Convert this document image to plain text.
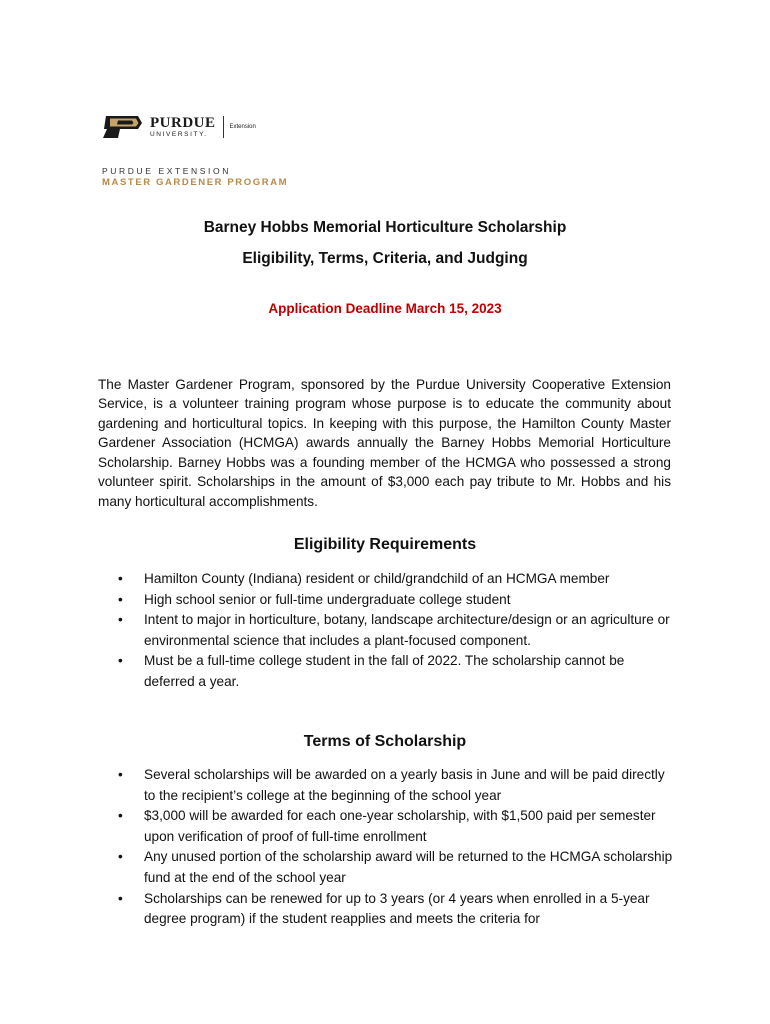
PURDUE
UNIVERSITY.
Extension
PURDUE EXTENSION
MASTER GARDENER PROGRAM
Barney Hobbs Memorial Horticulture Scholarship
Eligibility, Terms, Criteria, and Judging
Application Deadline March 15, 2023

The Master Gardener Program, sponsored by the Purdue University Cooperative Extension Service, is a volunteer training program whose purpose is to educate the community about gardening and horticultural topics. In keeping with this purpose, the Hamilton County Master Gardener Association (HCMGA) awards annually the Barney Hobbs Memorial Horticulture Scholarship. Barney Hobbs was a founding member of the HCMGA who possessed a strong volunteer spirit. Scholarships in the amount of $3,000 each pay tribute to Mr. Hobbs and his many horticultural accomplishments.

Eligibility Requirements
• Hamilton County (Indiana) resident or child/grandchild of an HCMGA member
• High school senior or full-time undergraduate college student
• Intent to major in horticulture, botany, landscape architecture/design or an agriculture or environmental science that includes a plant-focused component.
• Must be a full-time college student in the fall of 2022. The scholarship cannot be deferred a year.
Terms of Scholarship
• Several scholarships will be awarded on a yearly basis in June and will be paid directly to the recipient’s college at the beginning of the school year
• $3,000 will be awarded for each one-year scholarship, with $1,500 paid per semester upon verification of proof of full-time enrollment
• Any unused portion of the scholarship award will be returned to the HCMGA scholarship fund at the end of the school year
• Scholarships can be renewed for up to 3 years (or 4 years when enrolled in a 5-year degree program) if the student reapplies and meets the criteria for
